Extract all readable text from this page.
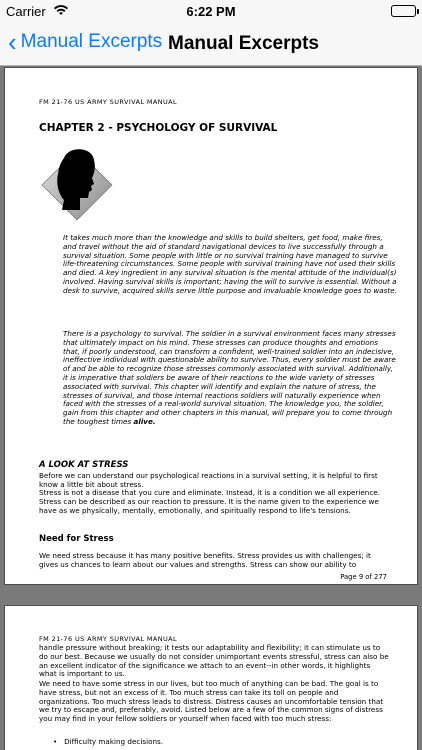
Carrier	6:22 PM
‹ Manual Excerpts Manual Excerpts
FM 21-76 US ARMY SURVIVAL MANUAL
CHAPTER 2 - PSYCHOLOGY OF SURVIVAL
It takes much more than the knowledge and skills to build shelters, get food, make fires, and travel without the aid of standard navigational devices to live successfully through a survival situation. Some people with little or no survival training have managed to survive life-threatening circumstances. Some people with survival training have not used their skills and died. A key ingredient in any survival situation is the mental attitude of the individual(s) involved. Having survival skills is important; having the will to survive is essential. Without a desk to survive, acquired skills serve little purpose and invaluable knowledge goes to waste.
There is a psychology to survival. The soldier in a survival environment faces many stresses that ultimately impact on his mind. These stresses can produce thoughts and emotions that, if poorly understood, can transform a confident, well-trained soldier into an indecisive, ineffective individual with questionable ability to survive. Thus, every soldier must be aware of and be able to recognize those stresses commonly associated with survival. Additionally, it is imperative that soldiers be aware of their reactions to the wide variety of stresses associated with survival. This chapter will identify and explain the nature of stress, the stresses of survival, and those internal reactions soldiers will naturally experience when faced with the stresses of a real-world survival situation. The knowledge you, the soldier, gain from this chapter and other chapters in this manual, will prepare you to come through the toughest times alive.
A LOOK AT STRESS
Before we can understand our psychological reactions in a survival setting, it is helpful to first know a little bit about stress.
Stress is not a disease that you cure and eliminate. Instead, it is a condition we all experience. Stress can be described as our reaction to pressure. It is the name given to the experience we have as we physically, mentally, emotionally, and spiritually respond to life's tensions.
Need for Stress
We need stress because it has many positive benefits. Stress provides us with challenges; it gives us chances to learn about our values and strengths. Stress can show our ability to
Page 9 of 277
FM 21-76 US ARMY SURVIVAL MANUAL
handle pressure without breaking; it tests our adaptability and flexibility; it can stimulate us to do our best. Because we usually do not consider unimportant events stressful, stress can also be an excellent indicator of the significance we attach to an event--in other words, it highlights what is important to us.
We need to have some stress in our lives, but too much of anything can be bad. The goal is to have stress, but not an excess of it. Too much stress can take its toll on people and organizations. Too much stress leads to distress. Distress causes an uncomfortable tension that we try to escape and, preferably, avoid. Listed below are a few of the common signs of distress you may find in your fellow soldiers or yourself when faced with too much stress:
•   Difficulty making decisions.
